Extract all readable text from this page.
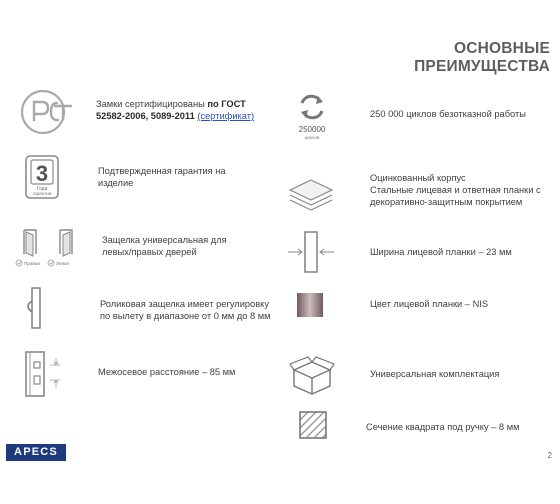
ОСНОВНЫЕ
ПРЕИМУЩЕСТВА
Замки сертифицированы по ГОСТ
52582-2006, 5089-2011 (сертификат)
3
Года
гарантии
Подтвержденная гарантия на
изделие
Правая	Левая
Защелка универсальная для
левых/правых дверей
Роликовая защелка имеет регулировку
по вылету в диапазоне от 0 мм до 8 мм
Межосевое расстояние – 85 мм
250000
циклов
250 000 циклов безотказной работы
Оцинкованный корпус
Стальные лицевая и ответная планки с
декоративно-защитным покрытием
Ширина лицевой планки – 23 мм
Цвет лицевой планки – NIS
Универсальная комплектация
Сечение квадрата под ручку – 8 мм
APECS	2
